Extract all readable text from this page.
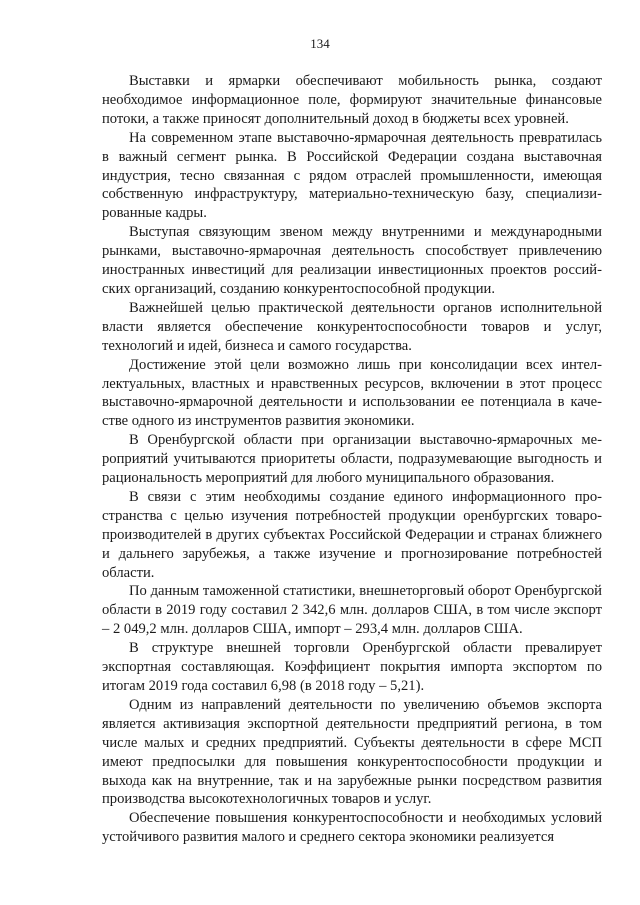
134

Выставки и ярмарки обеспечивают мобильность рынка, создают необходимое информационное поле, формируют значительные финансовые потоки, а также приносят дополнительный доход в бюджеты всех уровней.

На современном этапе выставочно-ярмарочная деятельность превратилась в важный сегмент рынка. В Российской Федерации создана выставочная индустрия, тесно связанная с рядом отраслей промышленности, имеющая собственную инфраструктуру, материально-техническую базу, специализированные кадры.

Выступая связующим звеном между внутренними и международными рынками, выставочно-ярмарочная деятельность способствует привлечению иностранных инвестиций для реализации инвестиционных проектов российских организаций, созданию конкурентоспособной продукции.

Важнейшей целью практической деятельности органов исполнительной власти является обеспечение конкурентоспособности товаров и услуг, технологий и идей, бизнеса и самого государства.

Достижение этой цели возможно лишь при консолидации всех интеллектуальных, властных и нравственных ресурсов, включении в этот процесс выставочно-ярмарочной деятельности и использовании ее потенциала в качестве одного из инструментов развития экономики.

В Оренбургской области при организации выставочно-ярмарочных мероприятий учитываются приоритеты области, подразумевающие выгодность и рациональность мероприятий для любого муниципального образования.

В связи с этим необходимы создание единого информационного пространства с целью изучения потребностей продукции оренбургских товаропроизводителей в других субъектах Российской Федерации и странах ближнего и дальнего зарубежья, а также изучение и прогнозирование потребностей области.

По данным таможенной статистики, внешнеторговый оборот Оренбургской области в 2019 году составил 2 342,6 млн. долларов США, в том числе экспорт – 2 049,2 млн. долларов США, импорт – 293,4 млн. долларов США.

В структуре внешней торговли Оренбургской области превалирует экспортная составляющая. Коэффициент покрытия импорта экспортом по итогам 2019 года составил 6,98 (в 2018 году – 5,21).

Одним из направлений деятельности по увеличению объемов экспорта является активизация экспортной деятельности предприятий региона, в том числе малых и средних предприятий. Субъекты деятельности в сфере МСП имеют предпосылки для повышения конкурентоспособности продукции и выхода как на внутренние, так и на зарубежные рынки посредством развития производства высокотехнологичных товаров и услуг.

Обеспечение повышения конкурентоспособности и необходимых условий устойчивого развития малого и среднего сектора экономики реализуется
